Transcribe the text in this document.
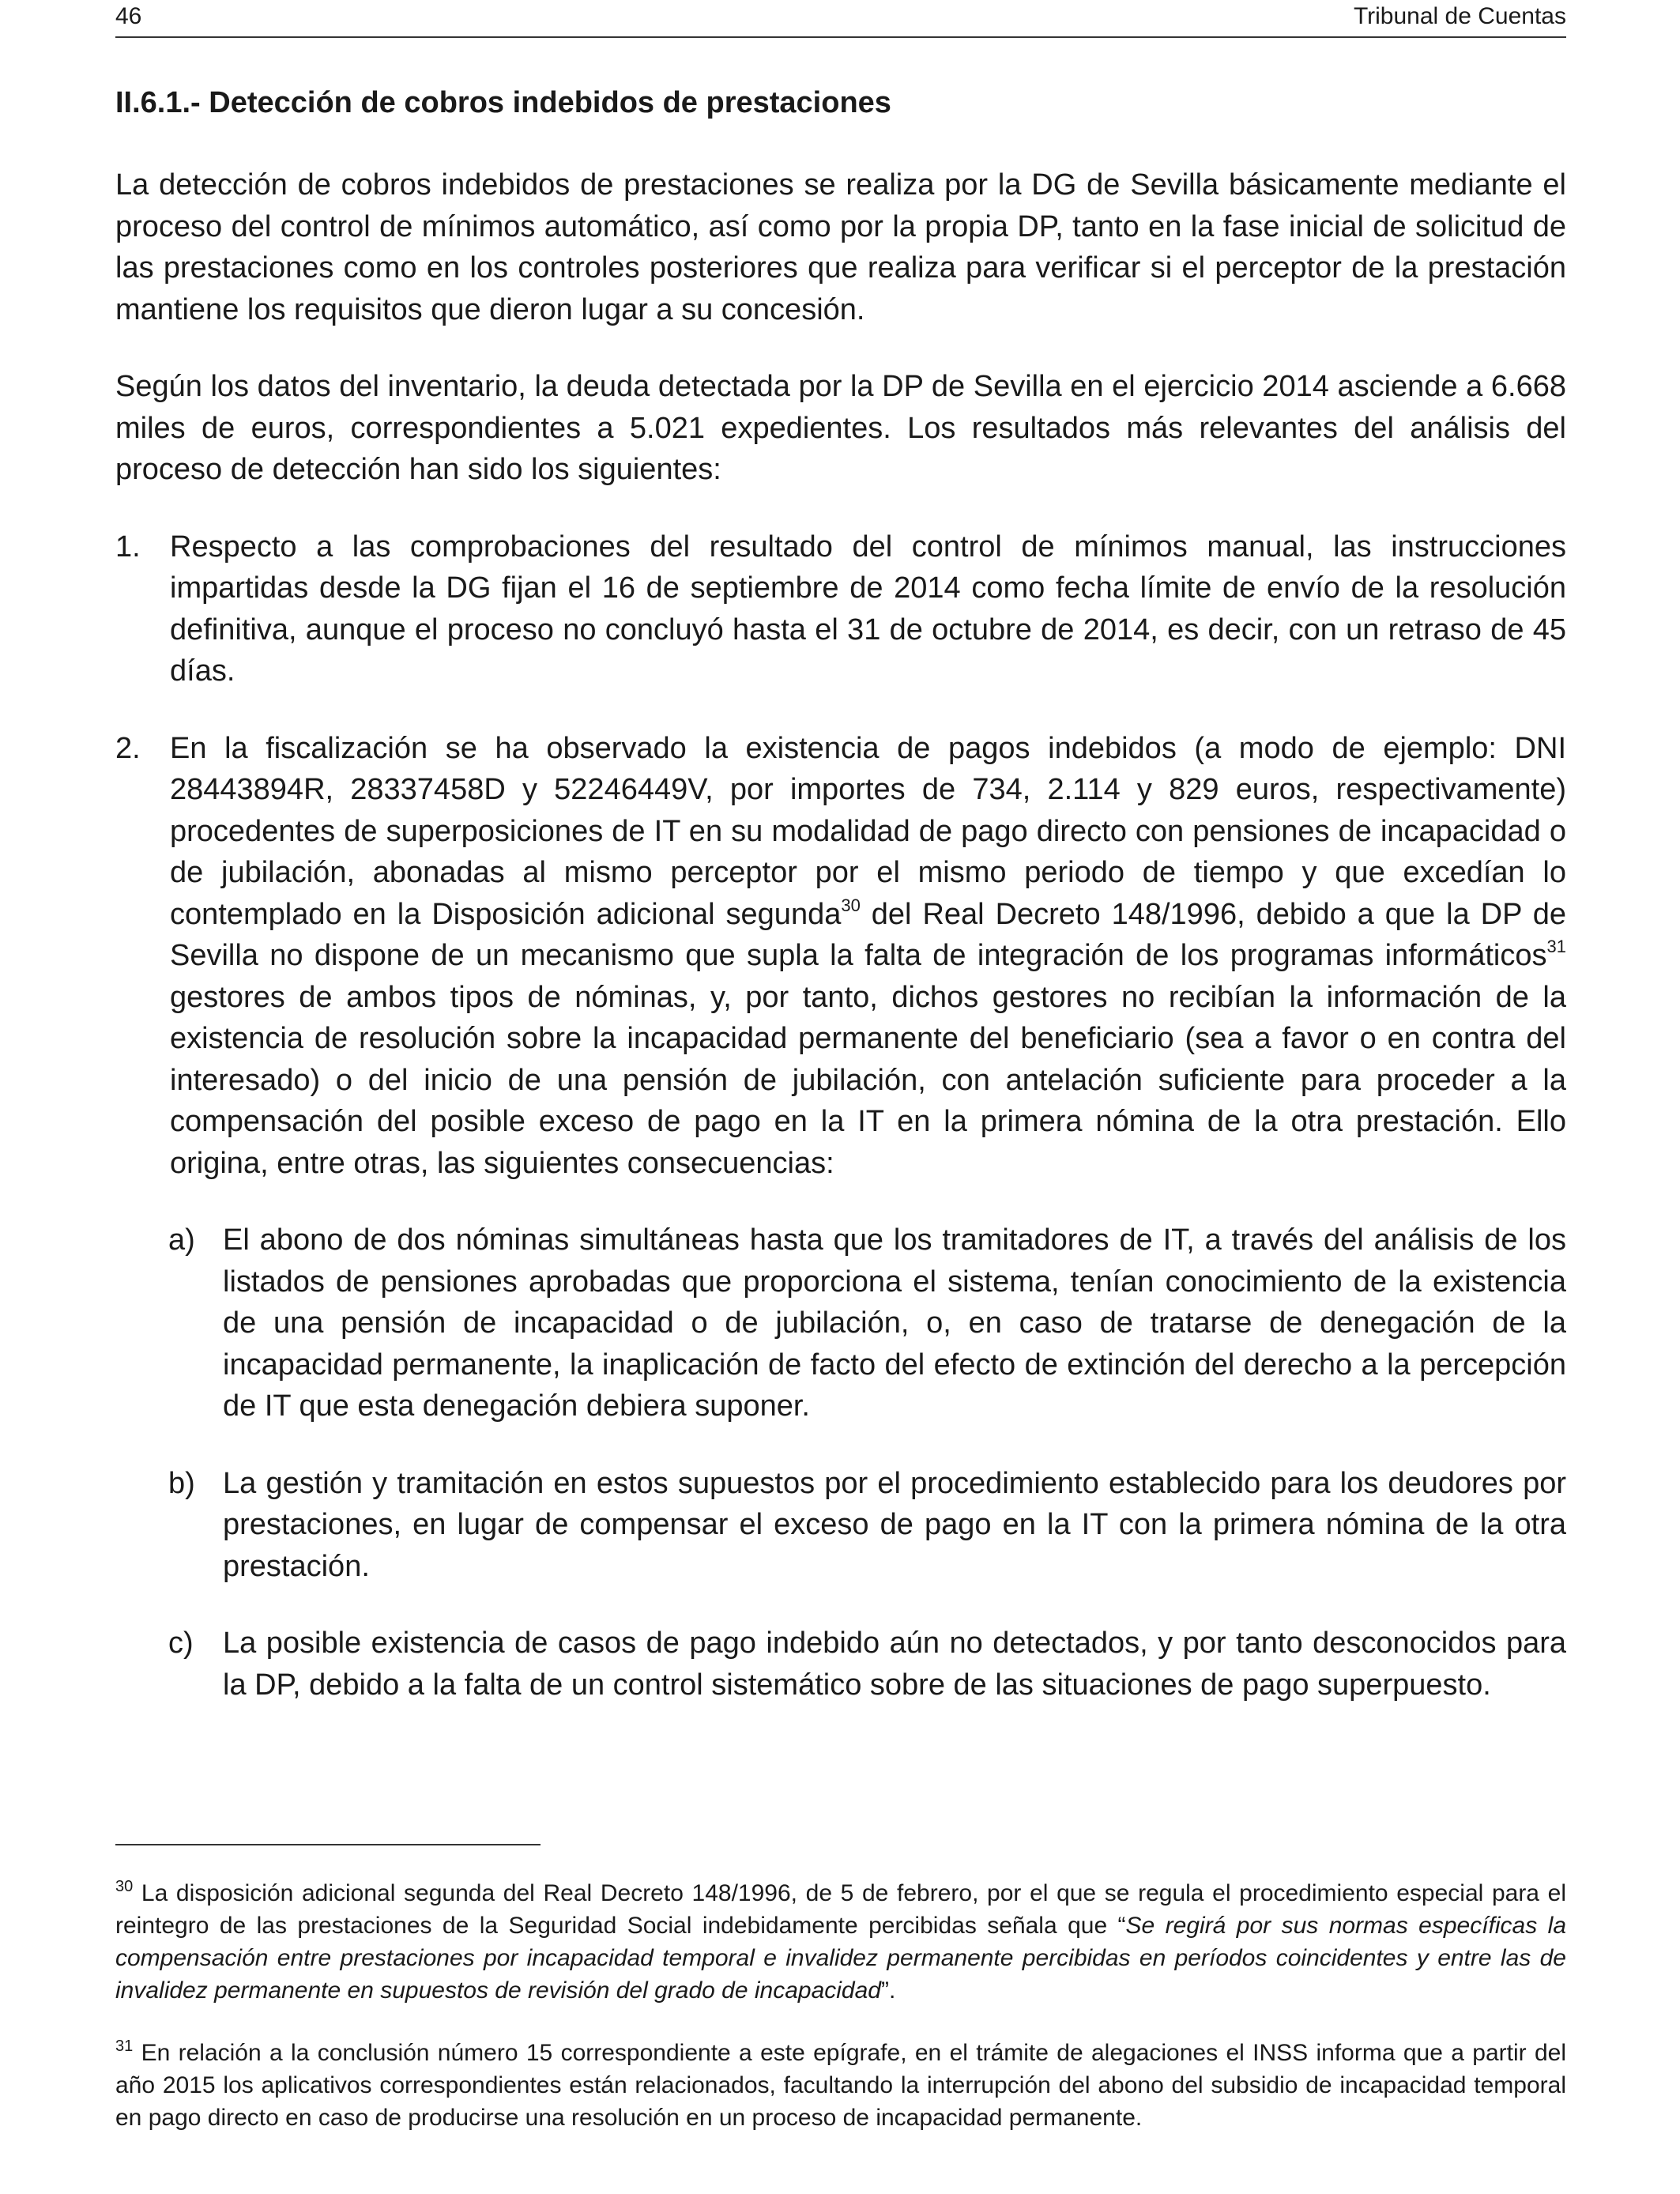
46	Tribunal de Cuentas
II.6.1.- Detección de cobros indebidos de prestaciones

La detección de cobros indebidos de prestaciones se realiza por la DG de Sevilla básicamente mediante el proceso del control de mínimos automático, así como por la propia DP, tanto en la fase inicial de solicitud de las prestaciones como en los controles posteriores que realiza para verificar si el perceptor de la prestación mantiene los requisitos que dieron lugar a su concesión.

Según los datos del inventario, la deuda detectada por la DP de Sevilla en el ejercicio 2014 asciende a 6.668 miles de euros, correspondientes a 5.021 expedientes. Los resultados más relevantes del análisis del proceso de detección han sido los siguientes:

1. Respecto a las comprobaciones del resultado del control de mínimos manual, las instrucciones impartidas desde la DG fijan el 16 de septiembre de 2014 como fecha límite de envío de la resolución definitiva, aunque el proceso no concluyó hasta el 31 de octubre de 2014, es decir, con un retraso de 45 días.
2. En la fiscalización se ha observado la existencia de pagos indebidos (a modo de ejemplo: DNI 28443894R, 28337458D y 52246449V, por importes de 734, 2.114 y 829 euros, respectivamente) procedentes de superposiciones de IT en su modalidad de pago directo con pensiones de incapacidad o de jubilación, abonadas al mismo perceptor por el mismo periodo de tiempo y que excedían lo contemplado en la Disposición adicional segunda$^{30}$ del Real Decreto 148/1996, debido a que la DP de Sevilla no dispone de un mecanismo que supla la falta de integración de los programas informáticos$^{31}$ gestores de ambos tipos de nóminas, y, por tanto, dichos gestores no recibían la información de la existencia de resolución sobre la incapacidad permanente del beneficiario (sea a favor o en contra del interesado) o del inicio de una pensión de jubilación, con antelación suficiente para proceder a la compensación del posible exceso de pago en la IT en la primera nómina de la otra prestación. Ello origina, entre otras, las siguientes consecuencias:
a) El abono de dos nóminas simultáneas hasta que los tramitadores de IT, a través del análisis de los listados de pensiones aprobadas que proporciona el sistema, tenían conocimiento de la existencia de una pensión de incapacidad o de jubilación, o, en caso de tratarse de denegación de la incapacidad permanente, la inaplicación de facto del efecto de extinción del derecho a la percepción de IT que esta denegación debiera suponer.
b) La gestión y tramitación en estos supuestos por el procedimiento establecido para los deudores por prestaciones, en lugar de compensar el exceso de pago en la IT con la primera nómina de la otra prestación.
c) La posible existencia de casos de pago indebido aún no detectados, y por tanto desconocidos para la DP, debido a la falta de un control sistemático sobre de las situaciones de pago superpuesto.

$^{30}$ La disposición adicional segunda del Real Decreto 148/1996, de 5 de febrero, por el que se regula el procedimiento especial para el reintegro de las prestaciones de la Seguridad Social indebidamente percibidas señala que “Se regirá por sus normas específicas la compensación entre prestaciones por incapacidad temporal e invalidez permanente percibidas en períodos coincidentes y entre las de invalidez permanente en supuestos de revisión del grado de incapacidad”.

$^{31}$ En relación a la conclusión número 15 correspondiente a este epígrafe, en el trámite de alegaciones el INSS informa que a partir del año 2015 los aplicativos correspondientes están relacionados, facultando la interrupción del abono del subsidio de incapacidad temporal en pago directo en caso de producirse una resolución en un proceso de incapacidad permanente.
